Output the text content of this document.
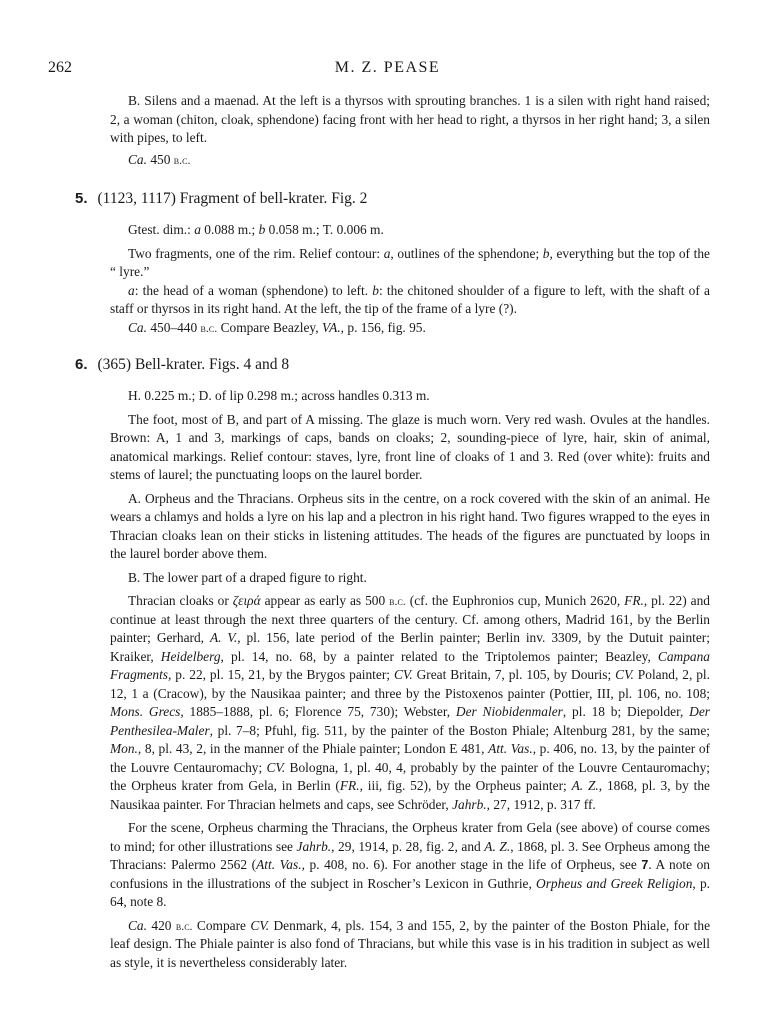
262	M. Z. PEASE

B. Silens and a maenad. At the left is a thyrsos with sprouting branches. 1 is a silen with right hand raised; 2, a woman (chiton, cloak, sphendone) facing front with her head to right, a thyrsos in her right hand; 3, a silen with pipes, to left.

Ca. 450 b.c.

5. (1123, 1117) Fragment of bell-krater. Fig. 2

Gtest. dim.: a 0.088 m.; b 0.058 m.; T. 0.006 m.

Two fragments, one of the rim. Relief contour: a, outlines of the sphendone; b, everything but the top of the “ lyre.”

a: the head of a woman (sphendone) to left. b: the chitoned shoulder of a figure to left, with the shaft of a staff or thyrsos in its right hand. At the left, the tip of the frame of a lyre (?).

Ca. 450–440 b.c. Compare Beazley, VA., p. 156, fig. 95.

6. (365) Bell-krater. Figs. 4 and 8

H. 0.225 m.; D. of lip 0.298 m.; across handles 0.313 m.

The foot, most of B, and part of A missing. The glaze is much worn. Very red wash. Ovules at the handles. Brown: A, 1 and 3, markings of caps, bands on cloaks; 2, sounding-piece of lyre, hair, skin of animal, anatomical markings. Relief contour: staves, lyre, front line of cloaks of 1 and 3. Red (over white): fruits and stems of laurel; the punctuating loops on the laurel border.

A. Orpheus and the Thracians. Orpheus sits in the centre, on a rock covered with the skin of an animal. He wears a chlamys and holds a lyre on his lap and a plectron in his right hand. Two figures wrapped to the eyes in Thracian cloaks lean on their sticks in listening attitudes. The heads of the figures are punctuated by loops in the laurel border above them.

B. The lower part of a draped figure to right.

Thracian cloaks or ζειρά appear as early as 500 b.c. (cf. the Euphronios cup, Munich 2620, FR., pl. 22) and continue at least through the next three quarters of the century. Cf. among others, Madrid 161, by the Berlin painter; Gerhard, A. V., pl. 156, late period of the Berlin painter; Berlin inv. 3309, by the Dutuit painter; Kraiker, Heidelberg, pl. 14, no. 68, by a painter related to the Triptolemos painter; Beazley, Campana Fragments, p. 22, pl. 15, 21, by the Brygos painter; CV. Great Britain, 7, pl. 105, by Douris; CV. Poland, 2, pl. 12, 1 a (Cracow), by the Nausikaa painter; and three by the Pistoxenos painter (Pottier, III, pl. 106, no. 108; Mons. Grecs, 1885–1888, pl. 6; Florence 75, 730); Webster, Der Niobidenmaler, pl. 18 b; Diepolder, Der Penthesilea-Maler, pl. 7–8; Pfuhl, fig. 511, by the painter of the Boston Phiale; Altenburg 281, by the same; Mon., 8, pl. 43, 2, in the manner of the Phiale painter; London E 481, Att. Vas., p. 406, no. 13, by the painter of the Louvre Centauromachy; CV. Bologna, 1, pl. 40, 4, probably by the painter of the Louvre Centauromachy; the Orpheus krater from Gela, in Berlin (FR., iii, fig. 52), by the Orpheus painter; A. Z., 1868, pl. 3, by the Nausikaa painter. For Thracian helmets and caps, see Schröder, Jahrb., 27, 1912, p. 317 ff.

For the scene, Orpheus charming the Thracians, the Orpheus krater from Gela (see above) of course comes to mind; for other illustrations see Jahrb., 29, 1914, p. 28, fig. 2, and A. Z., 1868, pl. 3. See Orpheus among the Thracians: Palermo 2562 (Att. Vas., p. 408, no. 6). For another stage in the life of Orpheus, see 7. A note on confusions in the illustrations of the subject in Roscher’s Lexicon in Guthrie, Orpheus and Greek Religion, p. 64, note 8.

Ca. 420 b.c. Compare CV. Denmark, 4, pls. 154, 3 and 155, 2, by the painter of the Boston Phiale, for the leaf design. The Phiale painter is also fond of Thracians, but while this vase is in his tradition in subject as well as style, it is nevertheless considerably later.
